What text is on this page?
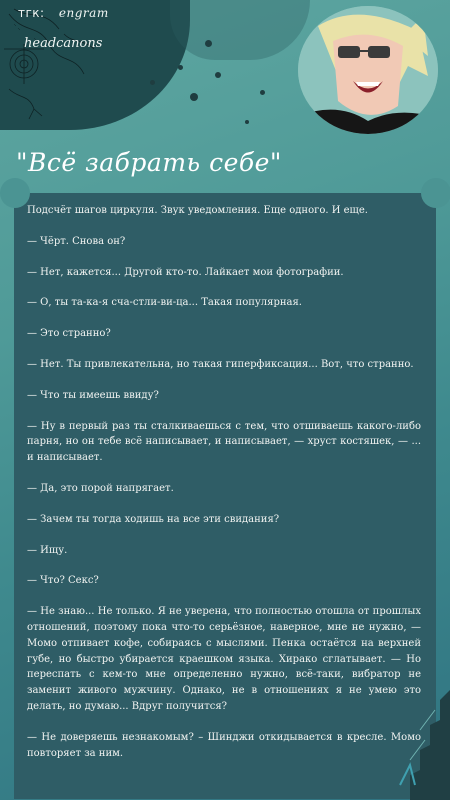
тгк: engram
headcanons
"Всё забрать себе"

Подсчёт шагов циркуля. Звук уведомления. Еще одного. И еще.

— Чёрт. Снова он?

— Нет, кажется... Другой кто-то. Лайкает мои фотографии.

— О, ты та-ка-я сча-стли-ви-ца... Такая популярная.

— Это странно?

— Нет. Ты привлекательна, но такая гиперфиксация... Вот, что странно.

— Что ты имеешь ввиду?

— Ну в первый раз ты сталкиваешься с тем, что отшиваешь какого-либо парня, но он тебе всё написывает, и написывает, — хруст костяшек, — ... и написывает.

— Да, это порой напрягает.

— Зачем ты тогда ходишь на все эти свидания?

— Ищу.

— Что? Секс?

— Не знаю... Не только. Я не уверена, что полностью отошла от прошлых отношений, поэтому пока что-то серьёзное, наверное, мне не нужно, — Момо отпивает кофе, собираясь с мыслями. Пенка остаётся на верхней губе, но быстро убирается краешком языка. Хирако сглатывает. — Но переспать с кем-то мне определенно нужно, всё-таки, вибратор не заменит живого мужчину. Однако, не в отношениях я не умею это делать, но думаю... Вдруг получится?

— Не доверяешь незнакомым? – Шинджи откидывается в кресле. Момо повторяет за ним.
